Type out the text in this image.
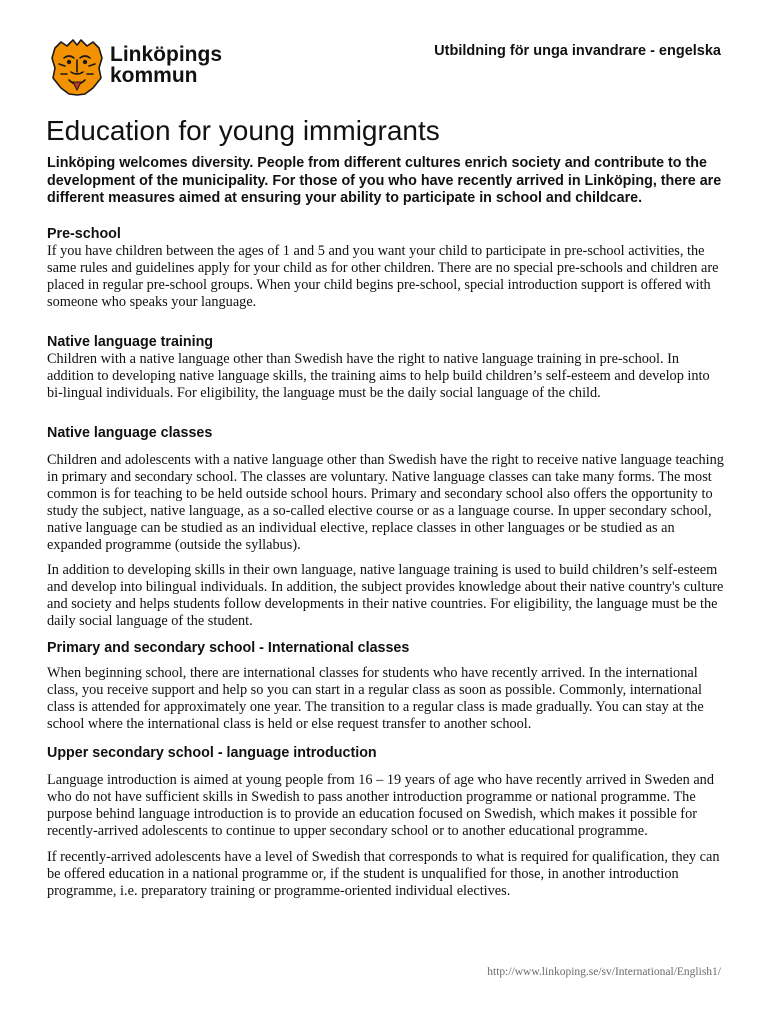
Linköpings
kommun
Utbildning för unga invandrare - engelska
Education for young immigrants

Linköping welcomes diversity. People from different cultures enrich society and contribute to the development of the municipality. For those of you who have recently arrived in Linköping, there are different measures aimed at ensuring your ability to participate in school and childcare.

Pre-school

If you have children between the ages of 1 and 5 and you want your child to participate in pre-school activities, the same rules and guidelines apply for your child as for other children. There are no special pre-schools and children are placed in regular pre-school groups. When your child begins pre-school, special introduction support is offered with someone who speaks your language.

Native language training

Children with a native language other than Swedish have the right to native language training in pre-school. In addition to developing native language skills, the training aims to help build children’s self-esteem and develop into bi-lingual individuals. For eligibility, the language must be the daily social language of the child.

Native language classes

Children and adolescents with a native language other than Swedish have the right to receive native language teaching in primary and secondary school. The classes are voluntary. Native language classes can take many forms. The most common is for teaching to be held outside school hours. Primary and secondary school also offers the opportunity to study the subject, native language, as a so-called elective course or as a language course. In upper secondary school, native language can be studied as an individual elective, replace classes in other languages or be studied as an expanded programme (outside the syllabus).

In addition to developing skills in their own language, native language training is used to build children’s self-esteem and develop into bilingual individuals. In addition, the subject provides knowledge about their native country's culture and society and helps students follow developments in their native countries. For eligibility, the language must be the daily social language of the student.

Primary and secondary school - International classes

When beginning school, there are international classes for students who have recently arrived. In the international class, you receive support and help so you can start in a regular class as soon as possible. Commonly, international class is attended for approximately one year. The transition to a regular class is made gradually. You can stay at the school where the international class is held or else request transfer to another school.

Upper secondary school - language introduction

Language introduction is aimed at young people from 16 – 19 years of age who have recently arrived in Sweden and who do not have sufficient skills in Swedish to pass another introduction programme or national programme. The purpose behind language introduction is to provide an education focused on Swedish, which makes it possible for recently-arrived adolescents to continue to upper secondary school or to another educational programme.

If recently-arrived adolescents have a level of Swedish that corresponds to what is required for qualification, they can be offered education in a national programme or, if the student is unqualified for those, in another introduction programme, i.e. preparatory training or programme-oriented individual electives.

http://www.linkoping.se/sv/International/English1/
